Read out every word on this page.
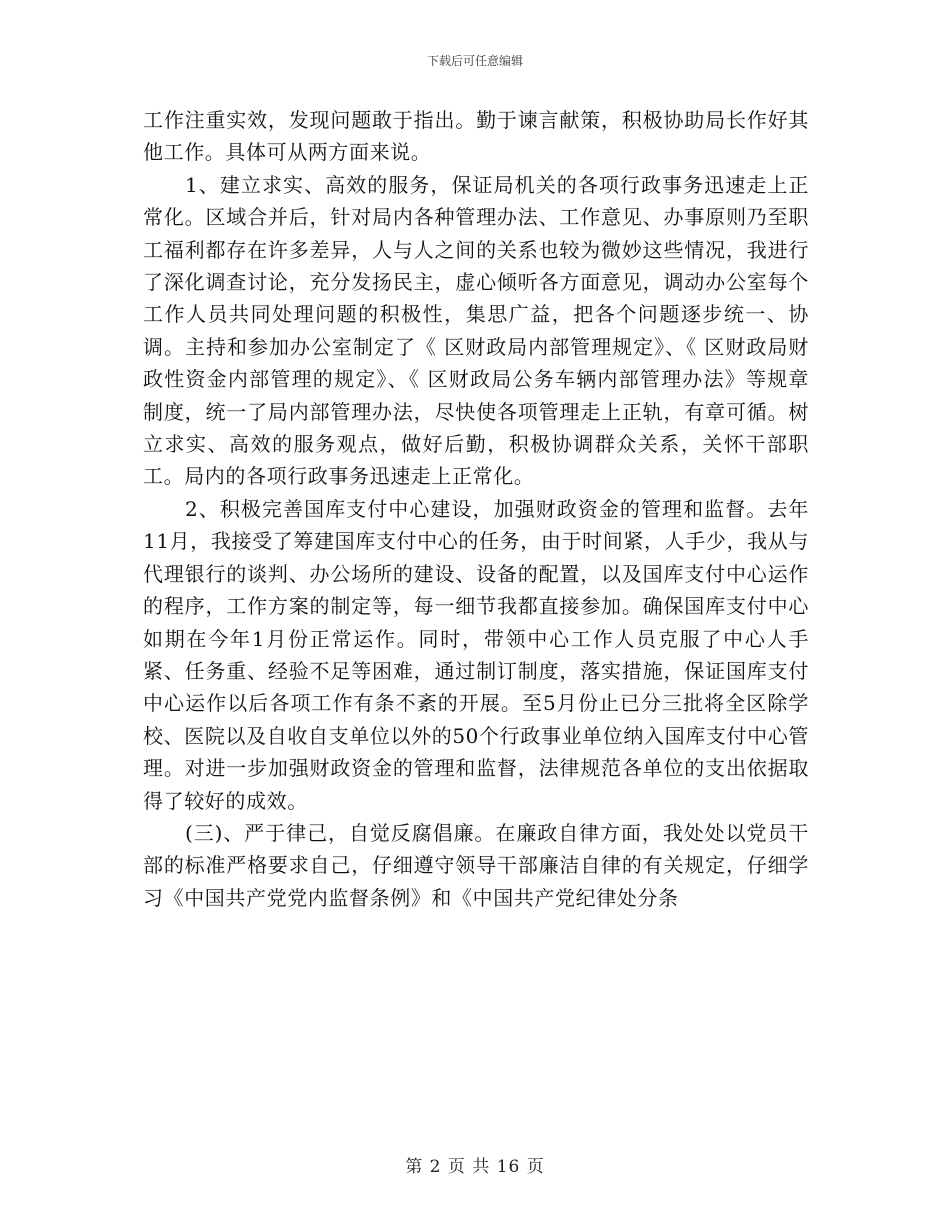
下载后可任意编辑

工作注重实效，发现问题敢于指出。勤于谏言献策，积极协助局长作好其他工作。具体可从两方面来说。

1、建立求实、高效的服务，保证局机关的各项行政事务迅速走上正常化。区域合并后，针对局内各种管理办法、工作意见、办事原则乃至职工福利都存在许多差异，人与人之间的关系也较为微妙这些情况，我进行了深化调查讨论，充分发扬民主，虚心倾听各方面意见，调动办公室每个工作人员共同处理问题的积极性，集思广益，把各个问题逐步统一、协调。主持和参加办公室制定了《 区财政局内部管理规定》、《 区财政局财政性资金内部管理的规定》、《 区财政局公务车辆内部管理办法》等规章制度，统一了局内部管理办法，尽快使各项管理走上正轨，有章可循。树立求实、高效的服务观点，做好后勤，积极协调群众关系，关怀干部职工。局内的各项行政事务迅速走上正常化。

2、积极完善国库支付中心建设，加强财政资金的管理和监督。去年11月，我接受了筹建国库支付中心的任务，由于时间紧，人手少，我从与代理银行的谈判、办公场所的建设、设备的配置，以及国库支付中心运作的程序，工作方案的制定等，每一细节我都直接参加。确保国库支付中心如期在今年1月份正常运作。同时，带领中心工作人员克服了中心人手紧、任务重、经验不足等困难，通过制订制度，落实措施，保证国库支付中心运作以后各项工作有条不紊的开展。至5月份止已分三批将全区除学校、医院以及自收自支单位以外的50个行政事业单位纳入国库支付中心管理。对进一步加强财政资金的管理和监督，法律规范各单位的支出依据取得了较好的成效。

(三)、严于律己，自觉反腐倡廉。在廉政自律方面，我处处以党员干部的标准严格要求自己，仔细遵守领导干部廉洁自律的有关规定，仔细学习《中国共产党党内监督条例》和《中国共产党纪律处分条

第 2 页 共 16 页
